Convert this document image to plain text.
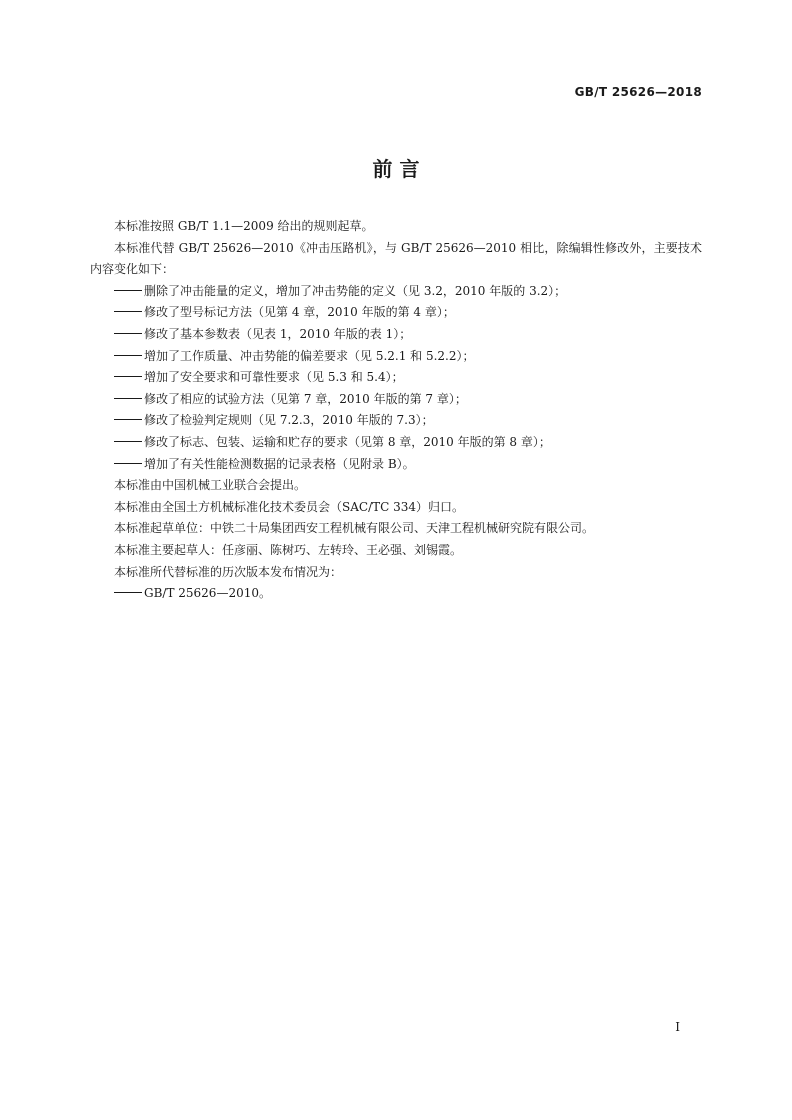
GB/T 25626—2018
前 言

本标准按照 GB/T 1.1—2009 给出的规则起草。

本标准代替 GB/T 25626—2010《冲击压路机》，与 GB/T 25626—2010 相比，除编辑性修改外，主要技术内容变化如下：

删除了冲击能量的定义，增加了冲击势能的定义（见 3.2，2010 年版的 3.2）；

修改了型号标记方法（见第 4 章，2010 年版的第 4 章）；

修改了基本参数表（见表 1，2010 年版的表 1）；

增加了工作质量、冲击势能的偏差要求（见 5.2.1 和 5.2.2）；

增加了安全要求和可靠性要求（见 5.3 和 5.4）；

修改了相应的试验方法（见第 7 章，2010 年版的第 7 章）；

修改了检验判定规则（见 7.2.3，2010 年版的 7.3）；

修改了标志、包装、运输和贮存的要求（见第 8 章，2010 年版的第 8 章）；

增加了有关性能检测数据的记录表格（见附录 B）。

本标准由中国机械工业联合会提出。

本标准由全国土方机械标准化技术委员会（SAC/TC 334）归口。

本标准起草单位：中铁二十局集团西安工程机械有限公司、天津工程机械研究院有限公司。

本标准主要起草人：任彦丽、陈树巧、左转玲、王必强、刘锡霞。

本标准所代替标准的历次版本发布情况为：

GB/T 25626—2010。

I
